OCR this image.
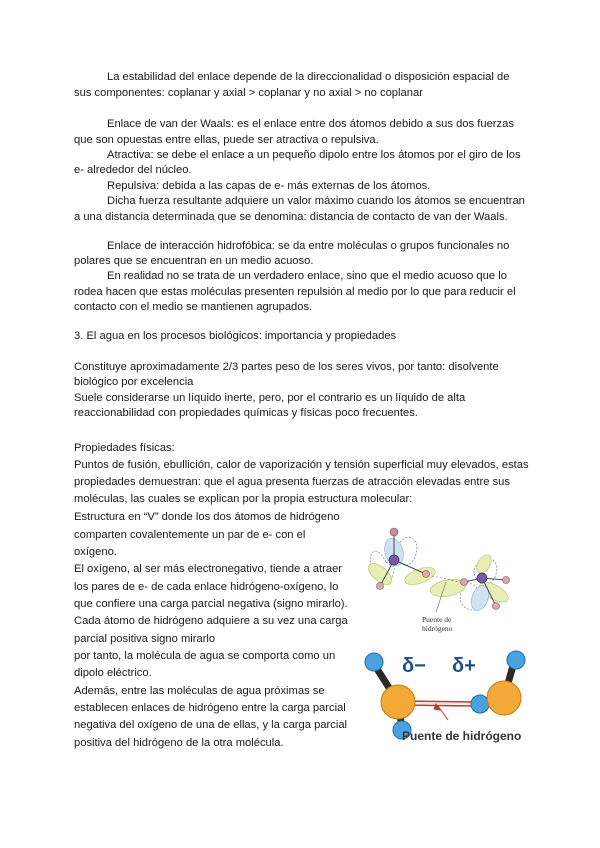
La estabilidad del enlace depende de la direccionalidad o disposición espacial de
sus componentes: coplanar y axial > coplanar y no axial > no coplanar
Enlace de van der Waals: es el enlace entre dos átomos debido a sus dos fuerzas
que son opuestas entre ellas, puede ser atractiva o repulsiva.
Atractiva: se debe el enlace a un pequeño dipolo entre los átomos por el giro de los
e- alrededor del núcleo.
Repulsiva: debida a las capas de e- más externas de los átomos.
Dicha fuerza resultante adquiere un valor máximo cuando los átomos se encuentran
a una distancia determinada que se denomina: distancia de contacto de van der Waals.
Enlace de interacción hidrofóbica: se da entre moléculas o grupos funcionales no
polares que se encuentran en un medio acuoso.
En realidad no se trata de un verdadero enlace, sino que el medio acuoso que lo
rodea hacen que estas moléculas presenten repulsión al medio por lo que para reducir el
contacto con el medio se mantienen agrupados.
3. El agua en los procesos biológicos: importancia y propiedades
Constituye aproximadamente 2/3 partes peso de los seres vivos, por tanto: disolvente
biológico por excelencia
Suele considerarse un líquido inerte, pero, por el contrario es un líquido de alta
reaccionabilidad con propiedades químicas y físicas poco frecuentes.
Propiedades físicas:
Puntos de fusión, ebullición, calor de vaporización y tensión superficial muy elevados, estas
propiedades demuestran: que el agua presenta fuerzas de atracción elevadas entre sus
moléculas, las cuales se explican por la propia estructura molecular:
Estructura en “V” donde los dos átomos de hidrógeno
comparten covalentemente un par de e- con el
oxígeno.
El oxígeno, al ser más electronegativo, tiende a atraer
los pares de e- de cada enlace hidrógeno-oxígeno, lo
que confiere una carga parcial negativa (signo mirarlo).
Cada átomo de hidrógeno adquiere a su vez una carga
parcial positiva signo mirarlo
por tanto, la molécula de agua se comporta como un
dipolo eléctrico.
Además, entre las moléculas de agua próximas se
establecen enlaces de hidrógeno entre la carga parcial
negativa del oxígeno de una de ellas, y la carga parcial
positiva del hidrógeno de la otra molécula.
Puente de
hidrógeno
δ− δ+
Puente de hidrógeno
